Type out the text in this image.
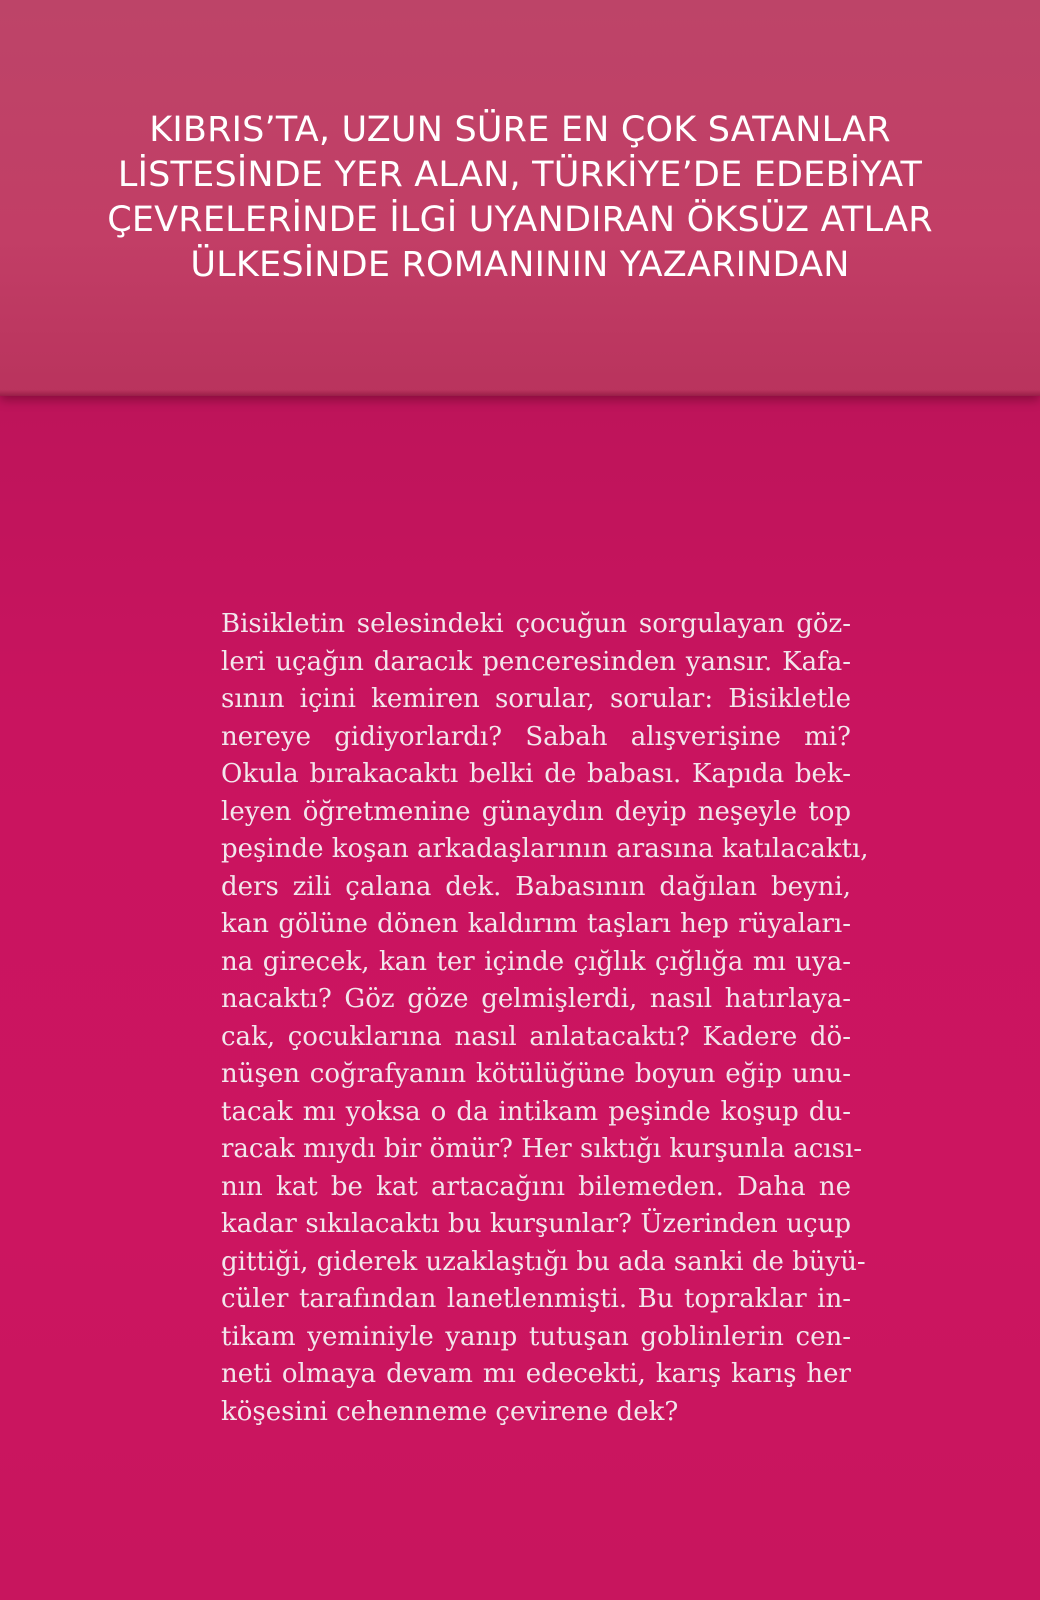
KIBRIS’TA, UZUN SÜRE EN ÇOK SATANLAR
LİSTESİNDE YER ALAN, TÜRKİYE’DE EDEBİYAT
ÇEVRELERİNDE İLGİ UYANDIRAN ÖKSÜZ ATLAR
ÜLKESİNDE ROMANININ YAZARINDAN
Bisikletin selesindeki çocuğun sorgulayan göz-
leri uçağın daracık penceresinden yansır. Kafa-
sının içini kemiren sorular, sorular: Bisikletle
nereye gidiyorlardı? Sabah alışverişine mi?
Okula bırakacaktı belki de babası. Kapıda bek-
leyen öğretmenine günaydın deyip neşeyle top
peşinde koşan arkadaşlarının arasına katılacaktı,
ders zili çalana dek. Babasının dağılan beyni,
kan gölüne dönen kaldırım taşları hep rüyaları-
na girecek, kan ter içinde çığlık çığlığa mı uya-
nacaktı? Göz göze gelmişlerdi, nasıl hatırlaya-
cak, çocuklarına nasıl anlatacaktı? Kadere dö-
nüşen coğrafyanın kötülüğüne boyun eğip unu-
tacak mı yoksa o da intikam peşinde koşup du-
racak mıydı bir ömür? Her sıktığı kurşunla acısı-
nın kat be kat artacağını bilemeden. Daha ne
kadar sıkılacaktı bu kurşunlar? Üzerinden uçup
gittiği, giderek uzaklaştığı bu ada sanki de büyü-
cüler tarafından lanetlenmişti. Bu topraklar in-
tikam yeminiyle yanıp tutuşan goblinlerin cen-
neti olmaya devam mı edecekti, karış karış her
köşesini cehenneme çevirene dek?
